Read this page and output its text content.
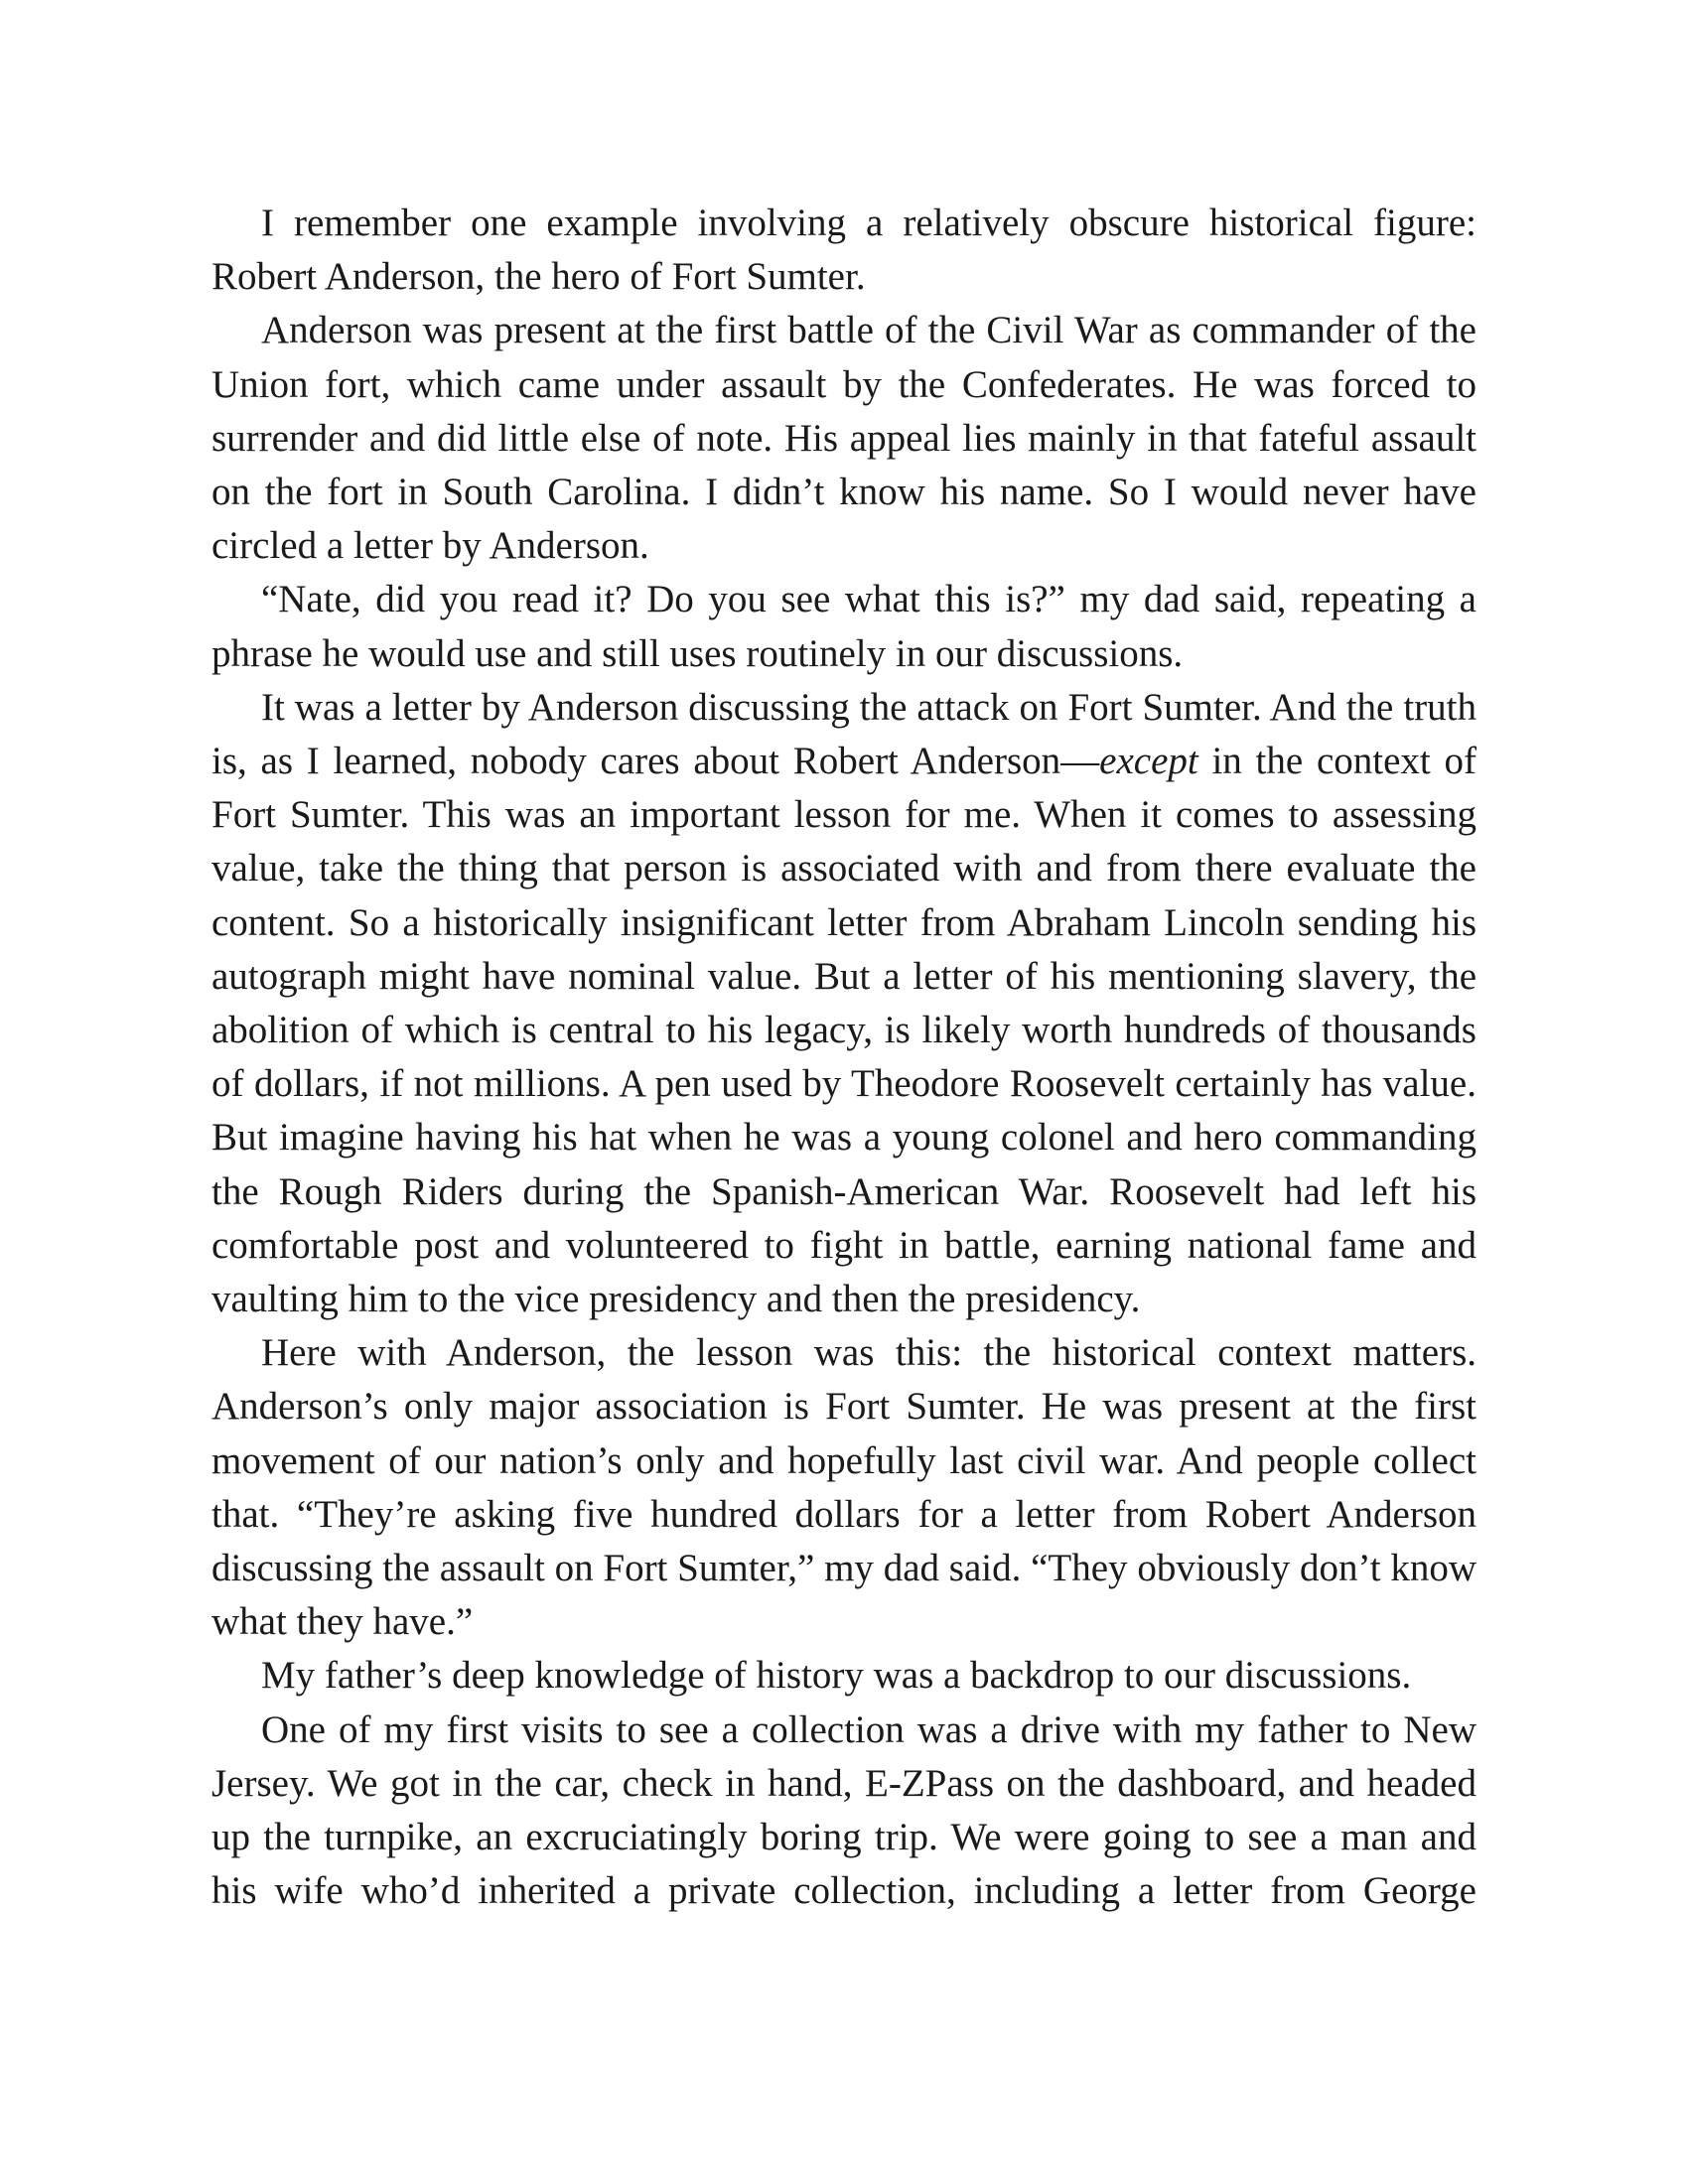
I remember one example involving a relatively obscure historical figure: Robert Anderson, the hero of Fort Sumter.

Anderson was present at the first battle of the Civil War as commander of the Union fort, which came under assault by the Confederates. He was forced to surrender and did little else of note. His appeal lies mainly in that fateful assault on the fort in South Carolina. I didn’t know his name. So I would never have circled a letter by Anderson.

“Nate, did you read it? Do you see what this is?” my dad said, repeating a phrase he would use and still uses routinely in our discussions.

It was a letter by Anderson discussing the attack on Fort Sumter. And the truth is, as I learned, nobody cares about Robert Anderson—except in the context of Fort Sumter. This was an important lesson for me. When it comes to assessing value, take the thing that person is associated with and from there evaluate the content. So a historically insignificant letter from Abraham Lincoln sending his autograph might have nominal value. But a letter of his mentioning slavery, the abolition of which is central to his legacy, is likely worth hundreds of thousands of dollars, if not millions. A pen used by Theodore Roosevelt certainly has value. But imagine having his hat when he was a young colonel and hero commanding the Rough Riders during the Spanish-American War. Roosevelt had left his comfortable post and volunteered to fight in battle, earning national fame and vaulting him to the vice presidency and then the presidency.

Here with Anderson, the lesson was this: the historical context matters. Anderson’s only major association is Fort Sumter. He was present at the first movement of our nation’s only and hopefully last civil war. And people collect that. “They’re asking five hundred dollars for a letter from Robert Anderson discussing the assault on Fort Sumter,” my dad said. “They obviously don’t know what they have.”

My father’s deep knowledge of history was a backdrop to our discussions.

One of my first visits to see a collection was a drive with my father to New Jersey. We got in the car, check in hand, E-ZPass on the dashboard, and headed up the turnpike, an excruciatingly boring trip. We were going to see a man and his wife who’d inherited a private collection, including a letter from George
